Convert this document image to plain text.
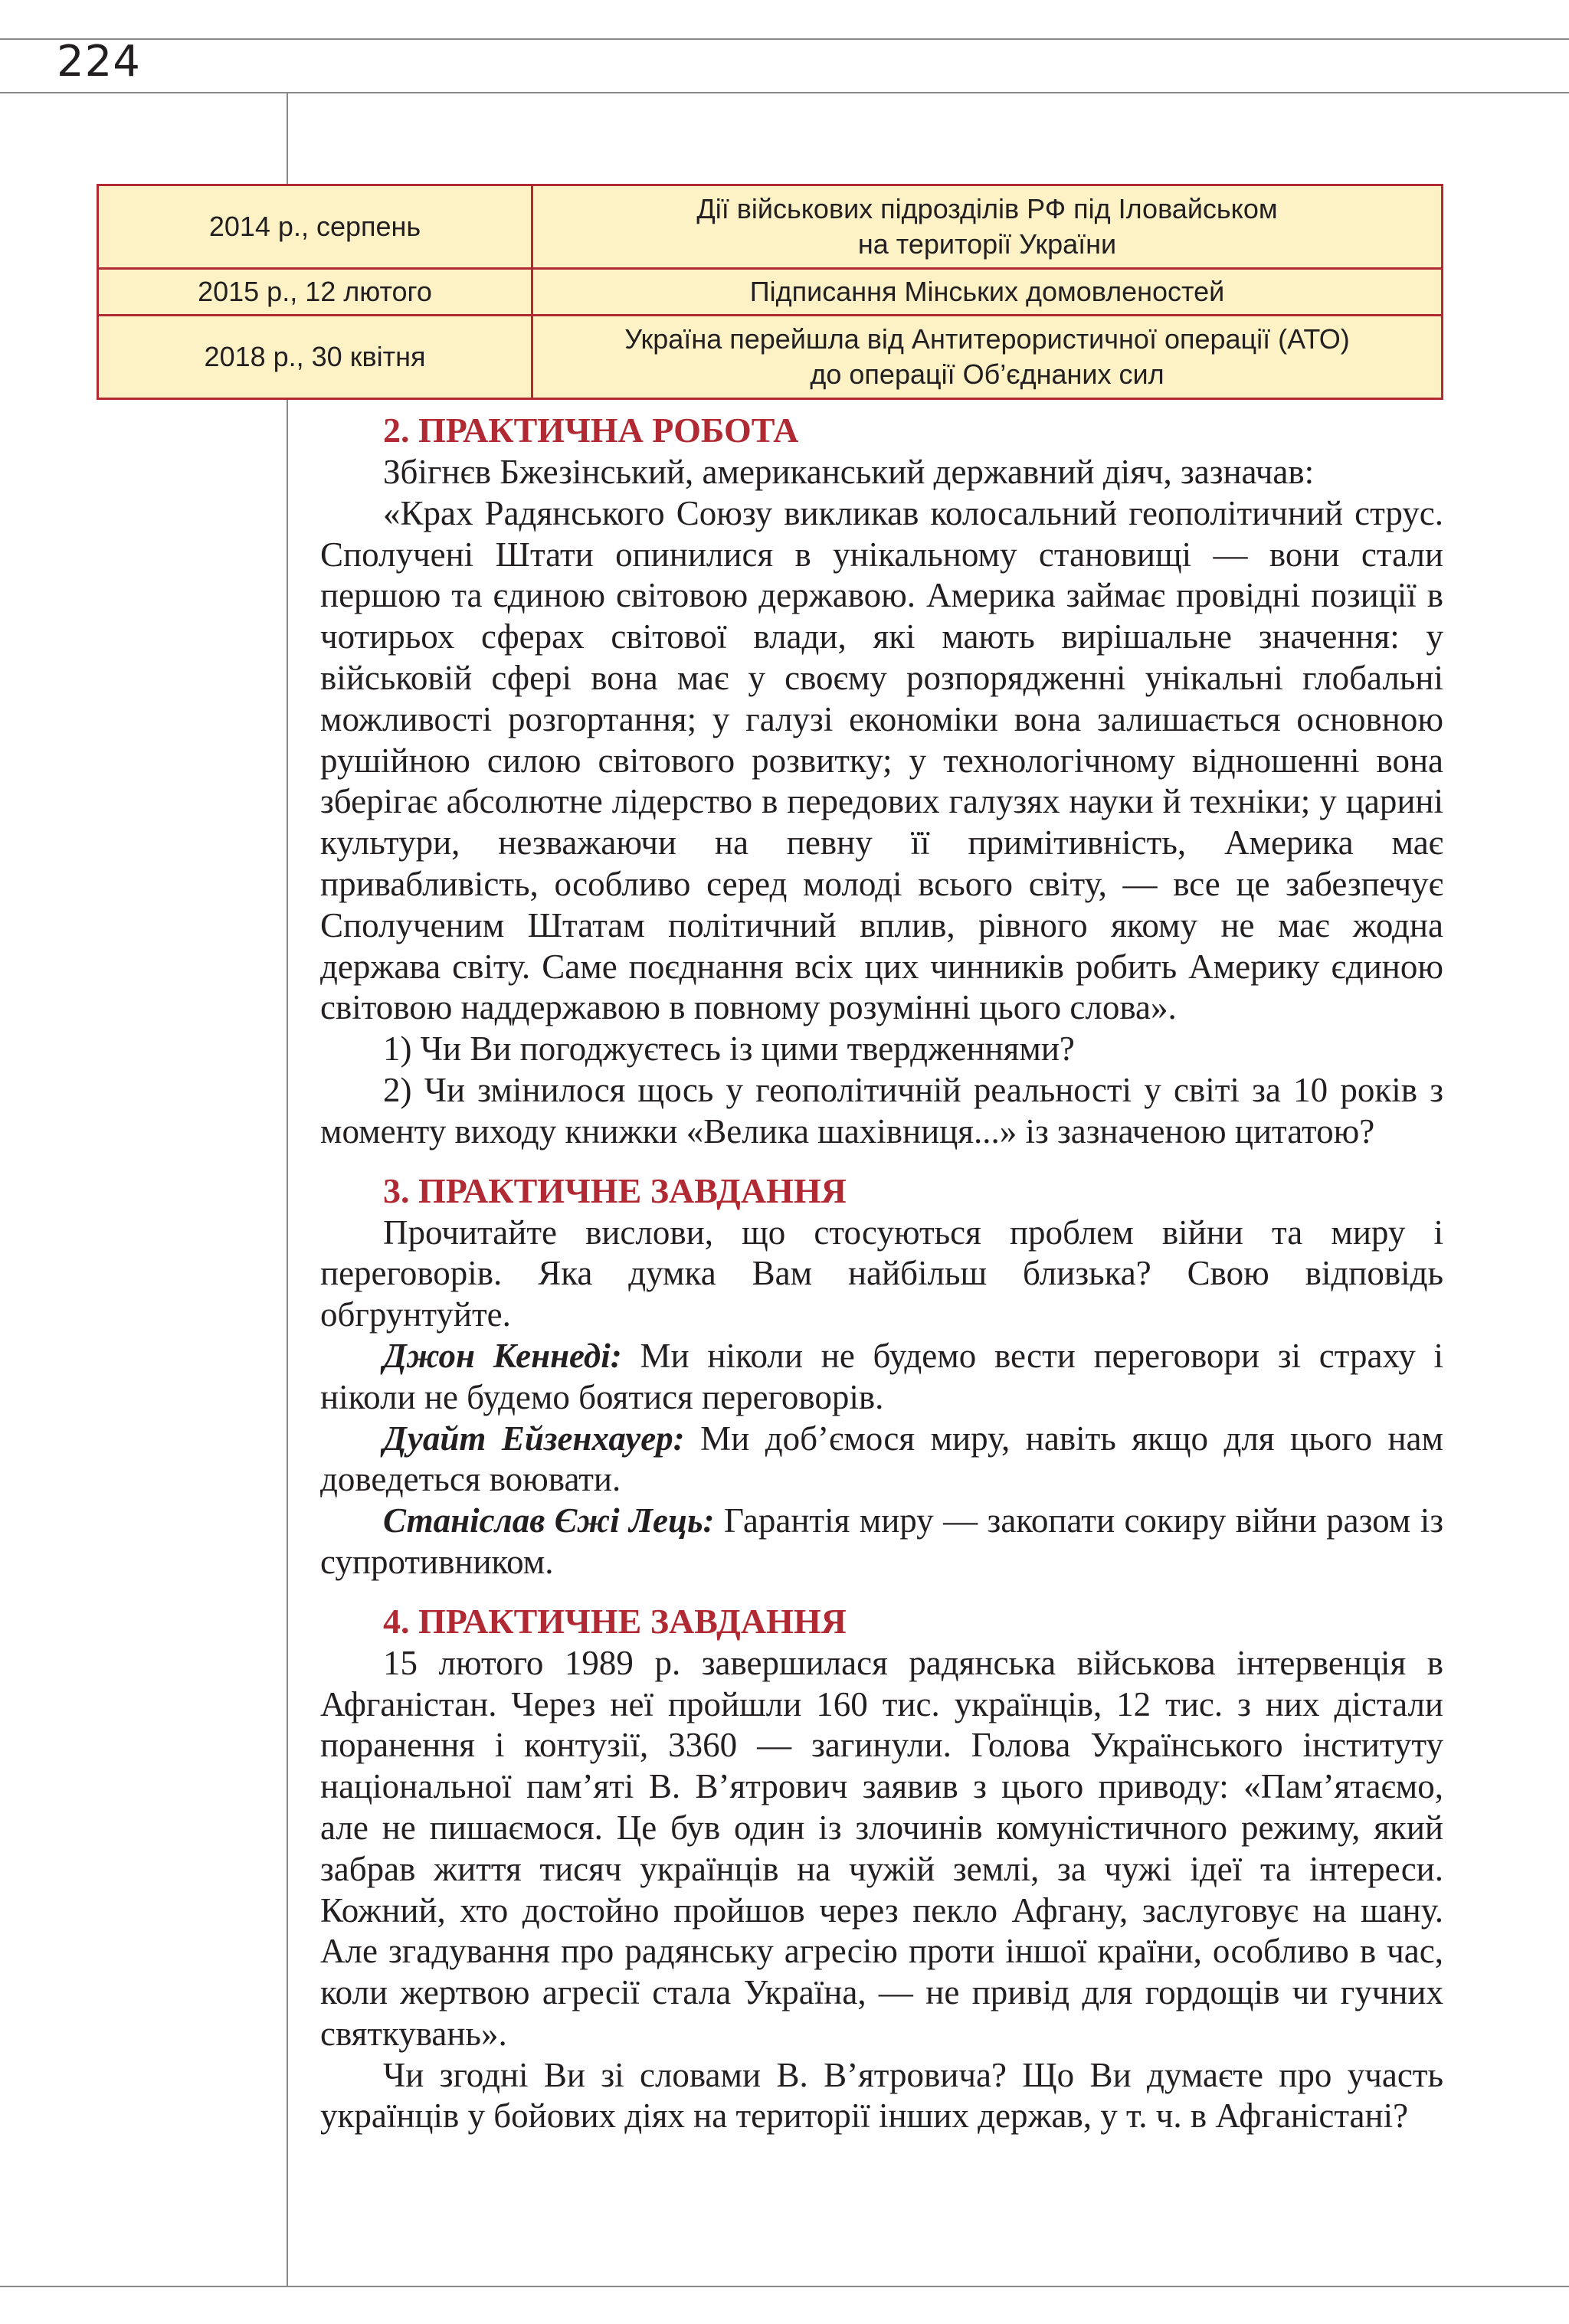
224
2014 р., серпень	Дії військових підрозділів РФ під Іловайськом
на території України
2015 р., 12 лютого	Підписання Мінських домовленостей
2018 р., 30 квітня	Україна перейшла від Антитерористичної операції (АТО)
до операції Об’єднаних сил
2. ПРАКТИЧНА РОБОТА

Збігнєв Бжезінський, американський державний діяч, зазначав:

«Крах Радянського Союзу викликав колосальний геополітичний струс. Сполучені Штати опинилися в унікальному становищі — вони стали першою та єдиною світовою державою. Америка займає провідні позиції в чотирьох сферах світової влади, які мають вирішальне значення: у військовій сфері вона має у своєму розпорядженні унікальні глобальні можливості розгортання; у галузі економіки вона залишається основною рушійною силою світового розвитку; у технологічному відношенні вона зберігає абсолютне лідерство в передових галузях науки й техніки; у царині культури, незважаючи на певну її примітивність, Америка має привабливість, особливо серед молоді всього світу, — все це забезпечує Сполученим Штатам політичний вплив, рівного якому не має жодна держава світу. Саме поєднання всіх цих чинників робить Америку єдиною світовою наддержавою в повному розумінні цього слова».

1) Чи Ви погоджуєтесь із цими твердженнями?

2) Чи змінилося щось у геополітичній реальності у світі за 10 років з моменту виходу книжки «Велика шахівниця...» із зазначеною цитатою?

3. ПРАКТИЧНЕ ЗАВДАННЯ

Прочитайте вислови, що стосуються проблем війни та миру і переговорів. Яка думка Вам найбільш близька? Свою відповідь обгрунтуйте.

Джон Кеннеді: Ми ніколи не будемо вести переговори зі страху і ніколи не будемо боятися переговорів.

Дуайт Ейзенхауер: Ми доб’ємося миру, навіть якщо для цього нам доведеться воювати.

Станіслав Єжі Лець: Гарантія миру — закопати сокиру війни разом із супротивником.

4. ПРАКТИЧНЕ ЗАВДАННЯ

15 лютого 1989 р. завершилася радянська військова інтервенція в Афганістан. Через неї пройшли 160 тис. українців, 12 тис. з них дістали поранення і контузії, 3360 — загинули. Голова Українського інституту національної пам’яті В. В’ятрович заявив з цього приводу: «Пам’ятаємо, але не пишаємося. Це був один із злочинів комуністичного режиму, який забрав життя тисяч українців на чужій землі, за чужі ідеї та інтереси. Кожний, хто достойно пройшов через пекло Афгану, заслуговує на шану. Але згадування про радянську агресію проти іншої країни, особливо в час, коли жертвою агресії стала Україна, — не привід для гордощів чи гучних святкувань».

Чи згодні Ви зі словами В. В’ятровича? Що Ви думаєте про участь українців у бойових діях на території інших держав, у т. ч. в Афганістані?
